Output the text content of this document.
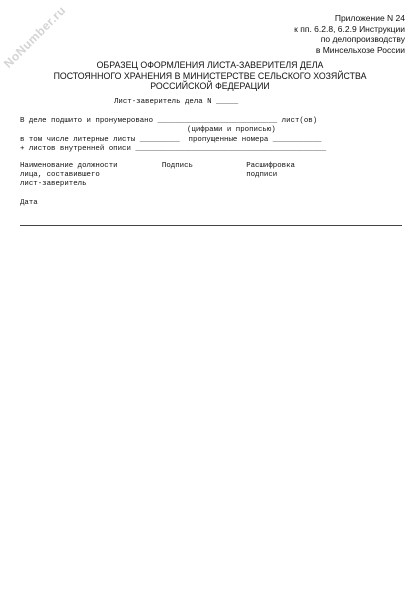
NoNumber.ru	Приложение N 24
к пп. 6.2.8, 6.2.9 Инструкции
по делопроизводству
в Минсельхозе России
ОБРАЗЕЦ ОФОРМЛЕНИЯ ЛИСТА-ЗАВЕРИТЕЛЯ ДЕЛА
ПОСТОЯННОГО ХРАНЕНИЯ В МИНИСТЕРСТВЕ СЕЛЬСКОГО ХОЗЯЙСТВА
РОССИЙСКОЙ ФЕДЕРАЦИИ
Лист-заверитель дела N _____
В деле подшито и пронумеровано ___________________________ лист(ов)
(цифрами и прописью)
в том числе литерные листы _________  пропущенные номера ___________
+ листов внутренней описи ___________________________________________
Наименование должности          Подпись            Расшифровка
лица, составившего                                 подписи
лист-заверитель
Дата
